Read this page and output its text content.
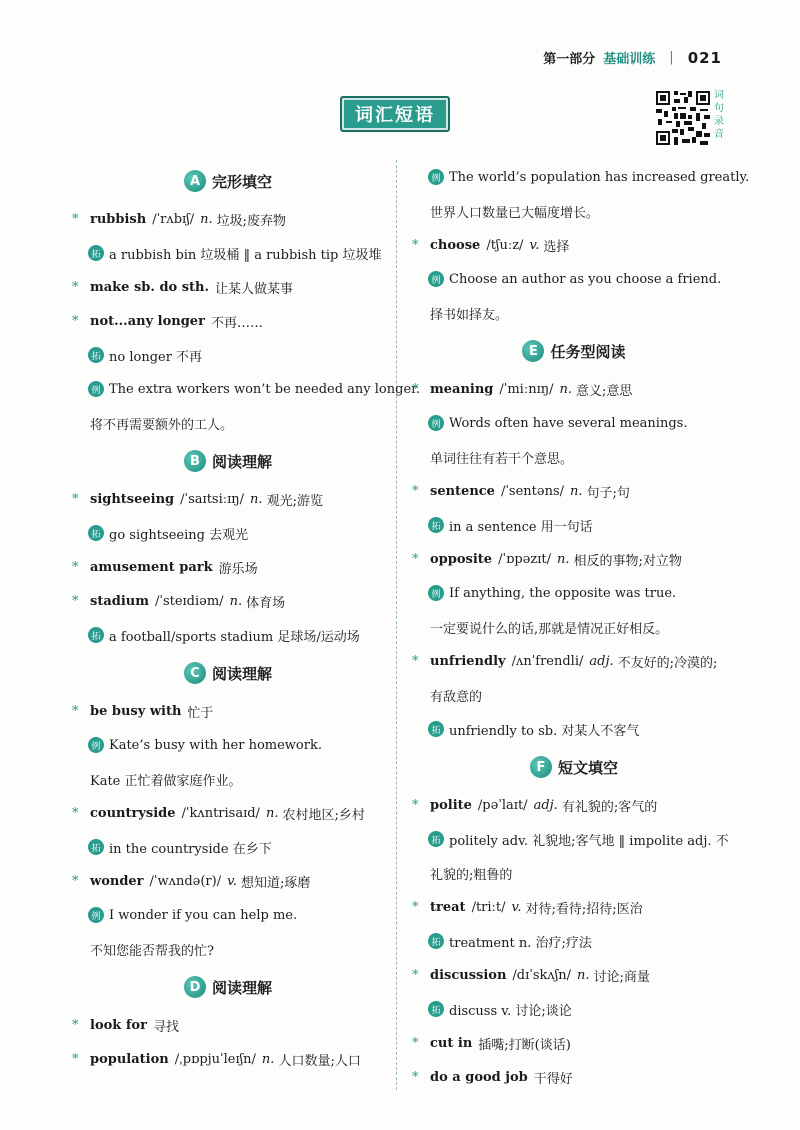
第一部分 基础训练 | 021
词汇短语
词
句
录
音
A 完形填空
* rubbish /ˈrʌbɪʃ/ n. 垃圾;废弃物
拓 a rubbish bin 垃圾桶 ‖ a rubbish tip 垃圾堆
* make sb. do sth. 让某人做某事
* not...any longer 不再……
拓 no longer 不再
例 The extra workers won’t be needed any longer.
将不再需要额外的工人。
B 阅读理解
* sightseeing /ˈsaɪtsiːɪŋ/ n. 观光;游览
拓 go sightseeing 去观光
* amusement park 游乐场
* stadium /ˈsteɪdiəm/ n. 体育场
拓 a football/sports stadium 足球场/运动场
C 阅读理解
* be busy with 忙于
例 Kate’s busy with her homework.
Kate 正忙着做家庭作业。
* countryside /ˈkʌntrisaɪd/ n. 农村地区;乡村
拓 in the countryside 在乡下
* wonder /ˈwʌndə(r)/ v. 想知道;琢磨
例 I wonder if you can help me.
不知您能否帮我的忙?
D 阅读理解
* look for 寻找
* population /ˌpɒpjuˈleɪʃn/ n. 人口数量;人口
例 The world’s population has increased greatly.
世界人口数量已大幅度增长。
* choose /tʃuːz/ v. 选择
例 Choose an author as you choose a friend.
择书如择友。
E 任务型阅读
* meaning /ˈmiːnɪŋ/ n. 意义;意思
例 Words often have several meanings.
单词往往有若干个意思。
* sentence /ˈsentəns/ n. 句子;句
拓 in a sentence 用一句话
* opposite /ˈɒpəzɪt/ n. 相反的事物;对立物
例 If anything, the opposite was true.
一定要说什么的话,那就是情况正好相反。
* unfriendly /ʌnˈfrendli/ adj. 不友好的;冷漠的;
有敌意的
拓 unfriendly to sb. 对某人不客气
F 短文填空
* polite /pəˈlaɪt/ adj. 有礼貌的;客气的
拓 politely adv. 礼貌地;客气地 ‖ impolite adj. 不
礼貌的;粗鲁的
* treat /triːt/ v. 对待;看待;招待;医治
拓 treatment n. 治疗;疗法
* discussion /dɪˈskʌʃn/ n. 讨论;商量
拓 discuss v. 讨论;谈论
* cut in 插嘴;打断(谈话)
* do a good job 干得好
